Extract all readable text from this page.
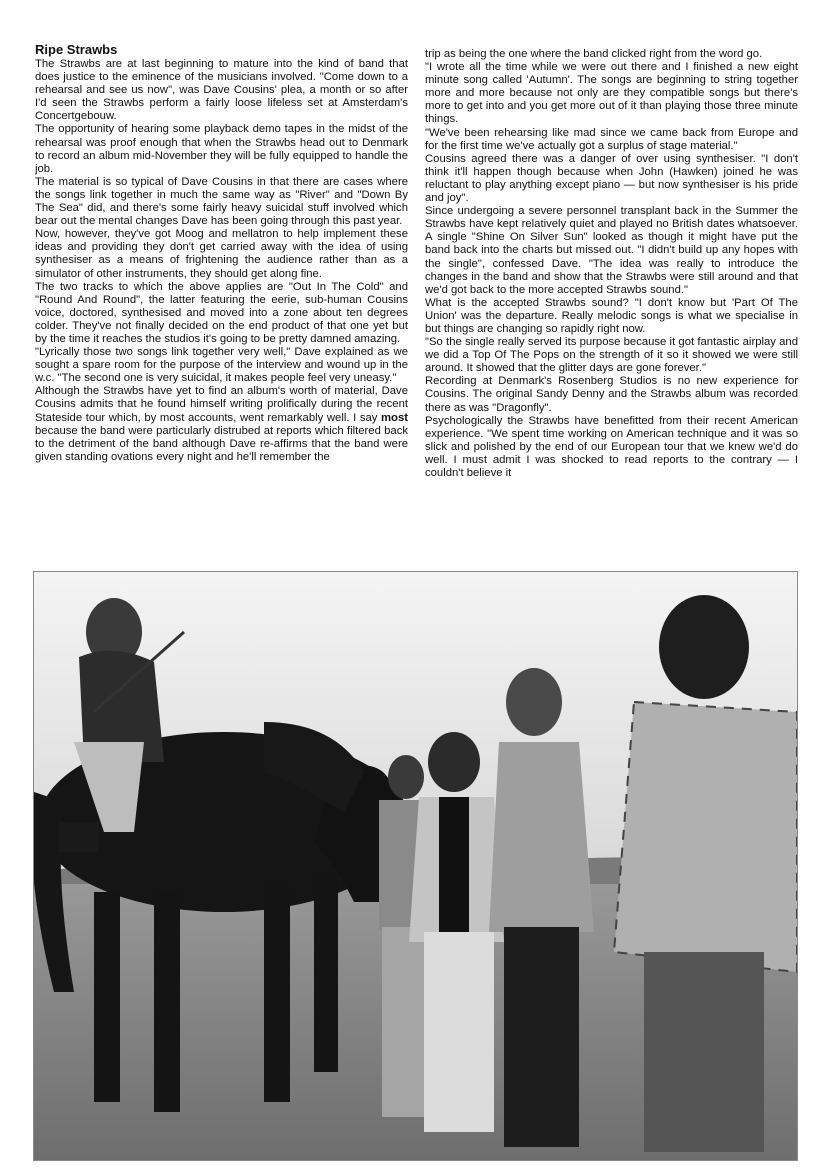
Ripe Strawbs

The Strawbs are at last beginning to mature into the kind of band that does justice to the eminence of the musicians involved. "Come down to a rehearsal and see us now", was Dave Cousins' plea, a month or so after I'd seen the Strawbs perform a fairly loose lifeless set at Amsterdam's Concertgebouw.

The opportunity of hearing some playback demo tapes in the midst of the rehearsal was proof enough that when the Strawbs head out to Denmark to record an album mid-November they will be fully equipped to handle the job.

The material is so typical of Dave Cousins in that there are cases where the songs link together in much the same way as "River" and "Down By The Sea" did, and there's some fairly heavy suicidal stuff involved which bear out the mental changes Dave has been going through this past year.

Now, however, they've got Moog and mellatron to help implement these ideas and providing they don't get carried away with the idea of using synthesiser as a means of frightening the audience rather than as a simulator of other instruments, they should get along fine.

The two tracks to which the above applies are "Out In The Cold" and "Round And Round", the latter featuring the eerie, sub-human Cousins voice, doctored, synthesised and moved into a zone about ten degrees colder. They've not finally decided on the end product of that one yet but by the time it reaches the studios it's going to be pretty damned amazing.

"Lyrically those two songs link together very well," Dave explained as we sought a spare room for the purpose of the interview and wound up in the w.c. "The second one is very suicidal, it makes people feel very uneasy."

Although the Strawbs have yet to find an album's worth of material, Dave Cousins admits that he found himself writing prolifically during the recent Stateside tour which, by most accounts, went remarkably well. I say most because the band were particularly distrubed at reports which filtered back to the detriment of the band although Dave re-affirms that the band were given standing ovations every night and he'll remember the

trip as being the one where the band clicked right from the word go.

"I wrote all the time while we were out there and I finished a new eight minute song called 'Autumn'. The songs are beginning to string together more and more because not only are they compatible songs but there's more to get into and you get more out of it than playing those three minute things.

"We've been rehearsing like mad since we came back from Europe and for the first time we've actually got a surplus of stage material."

Cousins agreed there was a danger of over using synthesiser. "I don't think it'll happen though because when John (Hawken) joined he was reluctant to play anything except piano — but now synthesiser is his pride and joy".

Since undergoing a severe personnel transplant back in the Summer the Strawbs have kept relatively quiet and played no British dates whatsoever. A single "Shine On Silver Sun" looked as though it might have put the band back into the charts but missed out. "I didn't build up any hopes with the single", confessed Dave. "The idea was really to introduce the changes in the band and show that the Strawbs were still around and that we'd got back to the more accepted Strawbs sound."

What is the accepted Strawbs sound? "I don't know but 'Part Of The Union' was the departure. Really melodic songs is what we specialise in but things are changing so rapidly right now.

"So the single really served its purpose because it got fantastic airplay and we did a Top Of The Pops on the strength of it so it showed we were still around. It showed that the glitter days are gone forever."

Recording at Denmark's Rosenberg Studios is no new experience for Cousins. The original Sandy Denny and the Strawbs album was recorded there as was "Dragonfly".

Psychologically the Strawbs have benefitted from their recent American experience. "We spent time working on American technique and it was so slick and polished by the end of our European tour that we knew we'd do well. I must admit I was shocked to read reports to the contrary — I couldn't believe it
